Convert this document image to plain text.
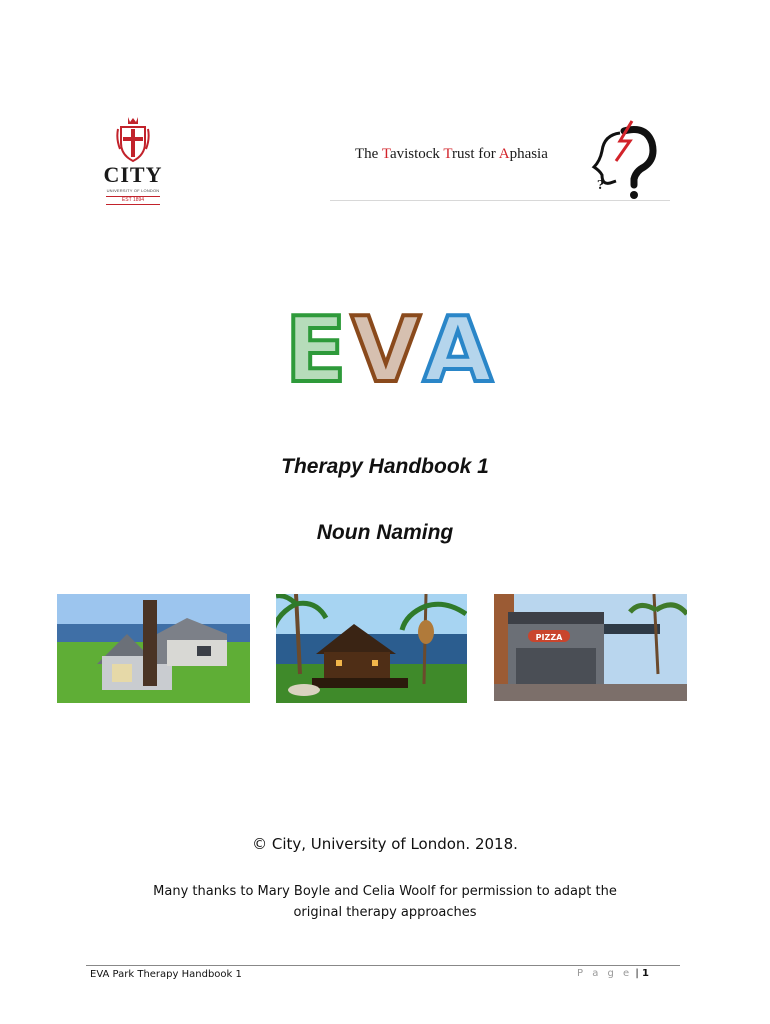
CITY
UNIVERSITY OF LONDON
EST 1894
The Tavistock Trust for Aphasia
?
E V A
Therapy Handbook 1
Noun Naming
PIZZA
© City, University of London. 2018.
Many thanks to Mary Boyle and Celia Woolf for permission to adapt the
original therapy approaches
EVA Park Therapy Handbook 1	P a g e | 1
